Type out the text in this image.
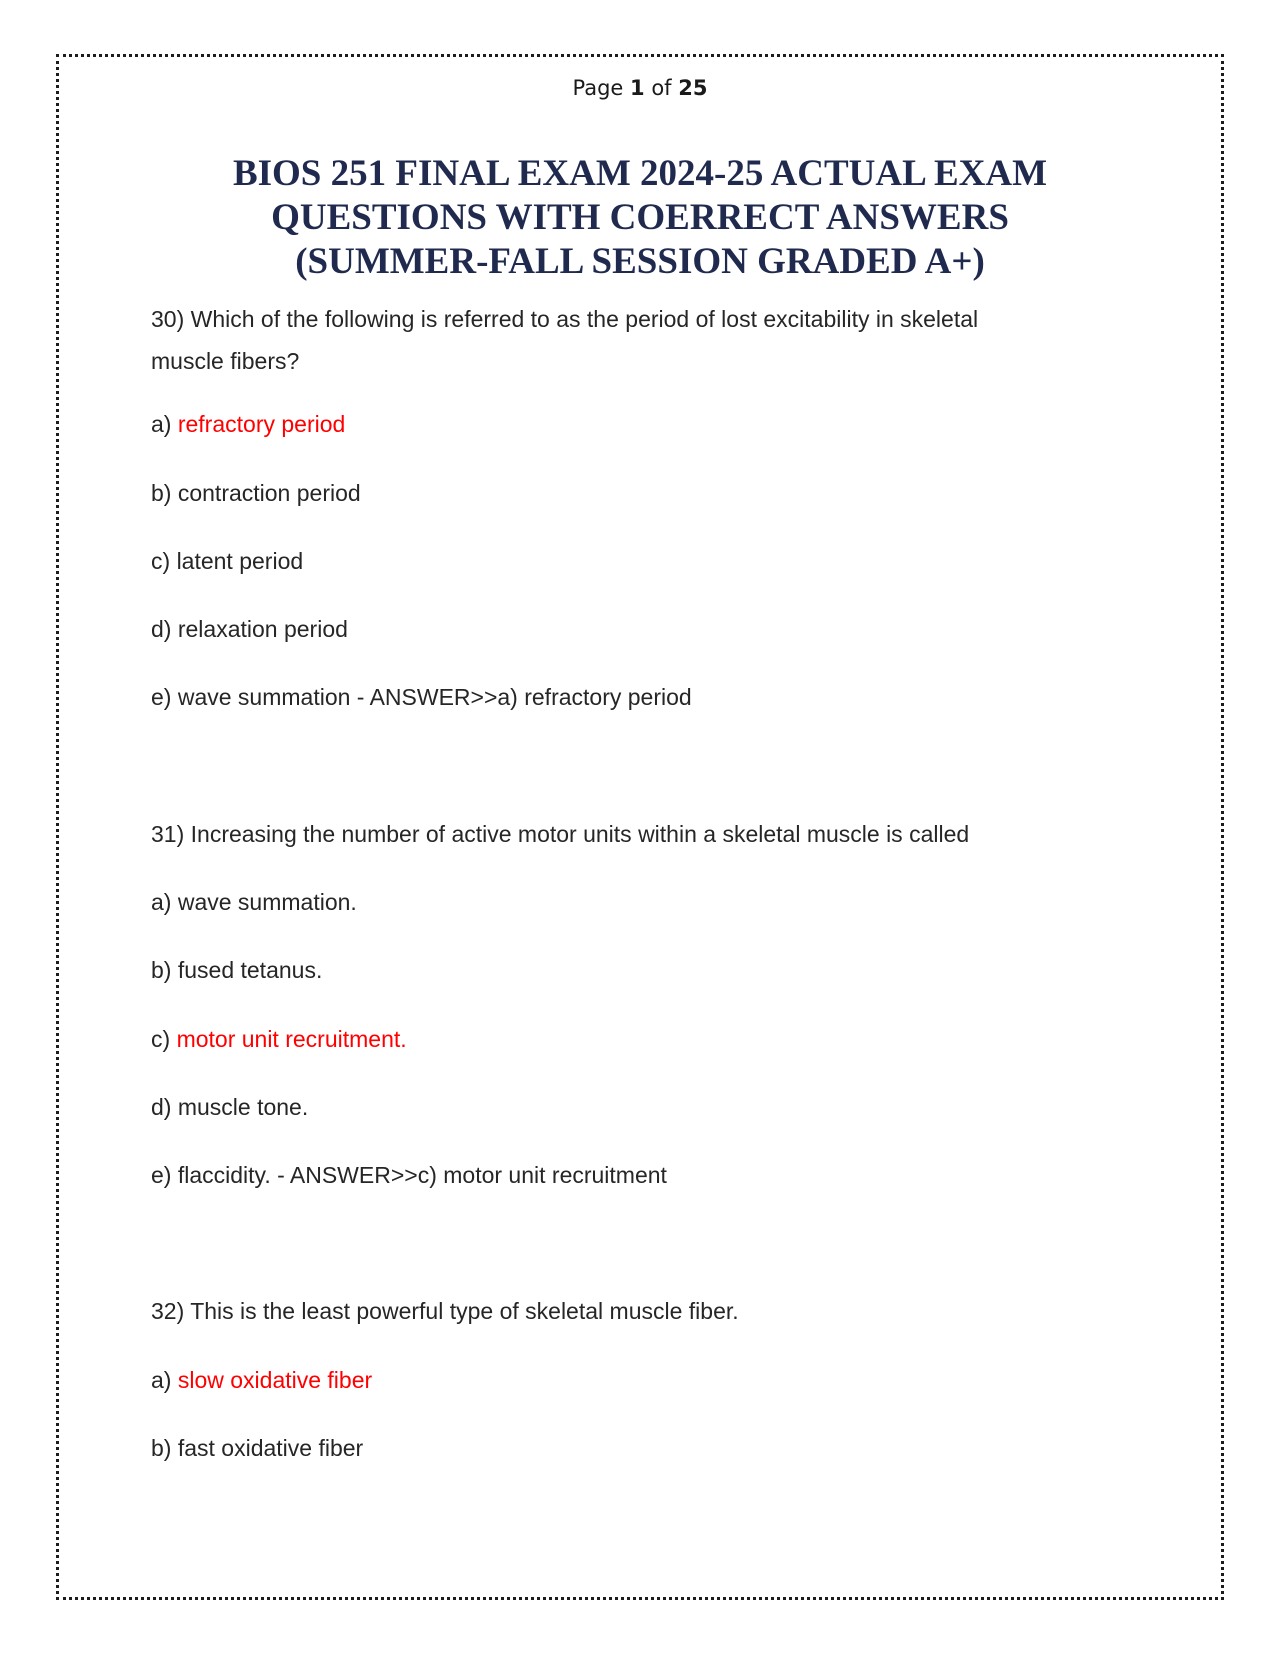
Page 1 of 25
BIOS 251 FINAL EXAM 2024-25 ACTUAL EXAM
QUESTIONS WITH COERRECT ANSWERS
(SUMMER-FALL SESSION GRADED A+)
30) Which of the following is referred to as the period of lost excitability in skeletal
muscle fibers?
a) refractory period
b) contraction period
c) latent period
d) relaxation period
e) wave summation - ANSWER>>a) refractory period
31) Increasing the number of active motor units within a skeletal muscle is called
a) wave summation.
b) fused tetanus.
c) motor unit recruitment.
d) muscle tone.
e) flaccidity. - ANSWER>>c) motor unit recruitment
32) This is the least powerful type of skeletal muscle fiber.
a) slow oxidative fiber
b) fast oxidative fiber
